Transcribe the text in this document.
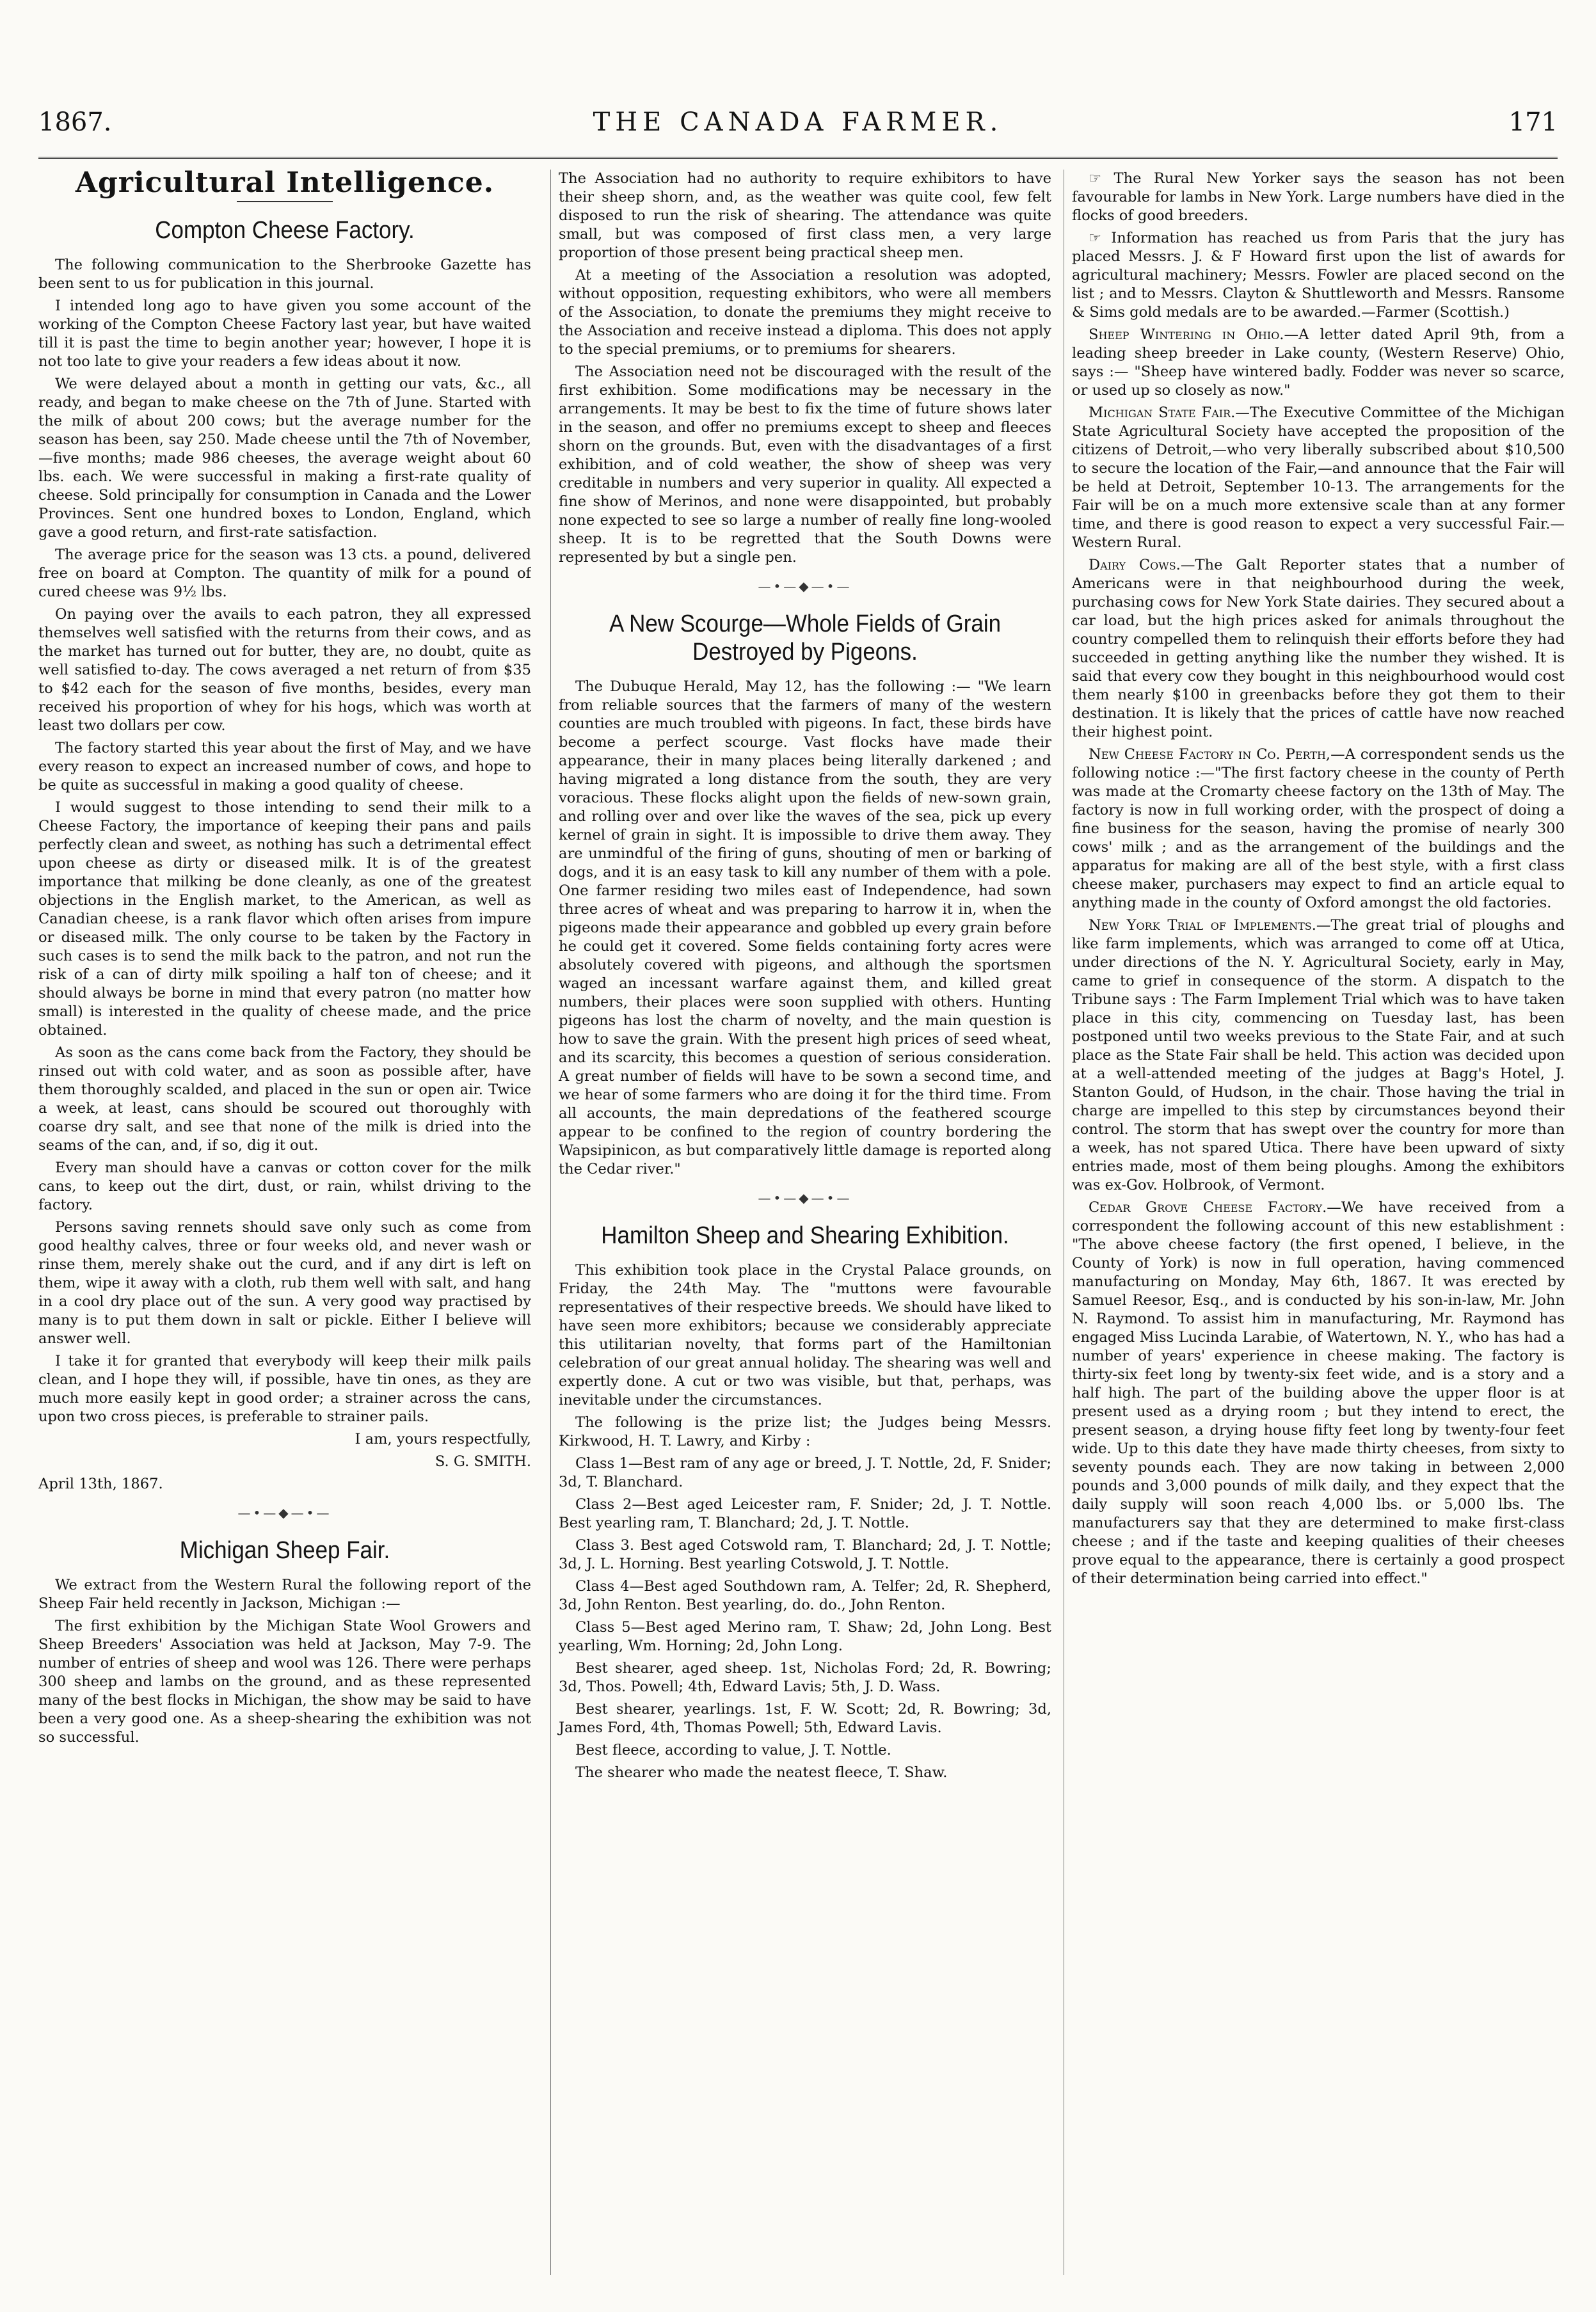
1867.	THE CANADA FARMER.	171
Agricultural Intelligence.
Compton Cheese Factory.

The following communication to the Sherbrooke Gazette has been sent to us for publication in this journal.

I intended long ago to have given you some account of the working of the Compton Cheese Factory last year, but have waited till it is past the time to begin another year; however, I hope it is not too late to give your readers a few ideas about it now.

We were delayed about a month in getting our vats, &c., all ready, and began to make cheese on the 7th of June. Started with the milk of about 200 cows; but the average number for the season has been, say 250. Made cheese until the 7th of November,—five months; made 986 cheeses, the average weight about 60 lbs. each. We were successful in making a first-rate quality of cheese. Sold principally for consumption in Canada and the Lower Provinces. Sent one hundred boxes to London, England, which gave a good return, and first-rate satisfaction.

The average price for the season was 13 cts. a pound, delivered free on board at Compton. The quantity of milk for a pound of cured cheese was 9½ lbs.

On paying over the avails to each patron, they all expressed themselves well satisfied with the returns from their cows, and as the market has turned out for butter, they are, no doubt, quite as well satisfied to-day. The cows averaged a net return of from $35 to $42 each for the season of five months, besides, every man received his proportion of whey for his hogs, which was worth at least two dollars per cow.

The factory started this year about the first of May, and we have every reason to expect an increased number of cows, and hope to be quite as successful in making a good quality of cheese.

I would suggest to those intending to send their milk to a Cheese Factory, the importance of keeping their pans and pails perfectly clean and sweet, as nothing has such a detrimental effect upon cheese as dirty or diseased milk. It is of the greatest importance that milking be done cleanly, as one of the greatest objections in the English market, to the American, as well as Canadian cheese, is a rank flavor which often arises from impure or diseased milk. The only course to be taken by the Factory in such cases is to send the milk back to the patron, and not run the risk of a can of dirty milk spoiling a half ton of cheese; and it should always be borne in mind that every patron (no matter how small) is interested in the quality of cheese made, and the price obtained.

As soon as the cans come back from the Factory, they should be rinsed out with cold water, and as soon as possible after, have them thoroughly scalded, and placed in the sun or open air. Twice a week, at least, cans should be scoured out thoroughly with coarse dry salt, and see that none of the milk is dried into the seams of the can, and, if so, dig it out.

Every man should have a canvas or cotton cover for the milk cans, to keep out the dirt, dust, or rain, whilst driving to the factory.

Persons saving rennets should save only such as come from good healthy calves, three or four weeks old, and never wash or rinse them, merely shake out the curd, and if any dirt is left on them, wipe it away with a cloth, rub them well with salt, and hang in a cool dry place out of the sun. A very good way practised by many is to put them down in salt or pickle. Either I believe will answer well.

I take it for granted that everybody will keep their milk pails clean, and I hope they will, if possible, have tin ones, as they are much more easily kept in good order; a strainer across the cans, upon two cross pieces, is preferable to strainer pails.

I am, yours respectfully,

S. G. SMITH.

April 13th, 1867.

—•—◆—•—
Michigan Sheep Fair.

We extract from the Western Rural the following report of the Sheep Fair held recently in Jackson, Michigan :—

The first exhibition by the Michigan State Wool Growers and Sheep Breeders' Association was held at Jackson, May 7-9. The number of entries of sheep and wool was 126. There were perhaps 300 sheep and lambs on the ground, and as these represented many of the best flocks in Michigan, the show may be said to have been a very good one. As a sheep-shearing the exhibition was not so successful.

The Association had no authority to require exhibitors to have their sheep shorn, and, as the weather was quite cool, few felt disposed to run the risk of shearing. The attendance was quite small, but was composed of first class men, a very large proportion of those present being practical sheep men.

At a meeting of the Association a resolution was adopted, without opposition, requesting exhibitors, who were all members of the Association, to donate the premiums they might receive to the Association and receive instead a diploma. This does not apply to the special premiums, or to premiums for shearers.

The Association need not be discouraged with the result of the first exhibition. Some modifications may be necessary in the arrangements. It may be best to fix the time of future shows later in the season, and offer no premiums except to sheep and fleeces shorn on the grounds. But, even with the disadvantages of a first exhibition, and of cold weather, the show of sheep was very creditable in numbers and very superior in quality. All expected a fine show of Merinos, and none were disappointed, but probably none expected to see so large a number of really fine long-wooled sheep. It is to be regretted that the South Downs were represented by but a single pen.

—•—◆—•—
A New Scourge—Whole Fields of Grain Destroyed by Pigeons.

The Dubuque Herald, May 12, has the following :— "We learn from reliable sources that the farmers of many of the western counties are much troubled with pigeons. In fact, these birds have become a perfect scourge. Vast flocks have made their appearance, their in many places being literally darkened ; and having migrated a long distance from the south, they are very voracious. These flocks alight upon the fields of new-sown grain, and rolling over and over like the waves of the sea, pick up every kernel of grain in sight. It is impossible to drive them away. They are unmindful of the firing of guns, shouting of men or barking of dogs, and it is an easy task to kill any number of them with a pole. One farmer residing two miles east of Independence, had sown three acres of wheat and was preparing to harrow it in, when the pigeons made their appearance and gobbled up every grain before he could get it covered. Some fields containing forty acres were absolutely covered with pigeons, and although the sportsmen waged an incessant warfare against them, and killed great numbers, their places were soon supplied with others. Hunting pigeons has lost the charm of novelty, and the main question is how to save the grain. With the present high prices of seed wheat, and its scarcity, this becomes a question of serious consideration. A great number of fields will have to be sown a second time, and we hear of some farmers who are doing it for the third time. From all accounts, the main depredations of the feathered scourge appear to be confined to the region of country bordering the Wapsipinicon, as but comparatively little damage is reported along the Cedar river."

—•—◆—•—
Hamilton Sheep and Shearing Exhibition.

This exhibition took place in the Crystal Palace grounds, on Friday, the 24th May. The "muttons were favourable representatives of their respective breeds. We should have liked to have seen more exhibitors; because we considerably appreciate this utilitarian novelty, that forms part of the Hamiltonian celebration of our great annual holiday. The shearing was well and expertly done. A cut or two was visible, but that, perhaps, was inevitable under the circumstances.

The following is the prize list; the Judges being Messrs. Kirkwood, H. T. Lawry, and Kirby :

Class 1—Best ram of any age or breed, J. T. Nottle, 2d, F. Snider; 3d, T. Blanchard.

Class 2—Best aged Leicester ram, F. Snider; 2d, J. T. Nottle. Best yearling ram, T. Blanchard; 2d, J. T. Nottle.

Class 3. Best aged Cotswold ram, T. Blanchard; 2d, J. T. Nottle; 3d, J. L. Horning. Best yearling Cotswold, J. T. Nottle.

Class 4—Best aged Southdown ram, A. Telfer; 2d, R. Shepherd, 3d, John Renton. Best yearling, do. do., John Renton.

Class 5—Best aged Merino ram, T. Shaw; 2d, John Long. Best yearling, Wm. Horning; 2d, John Long.

Best shearer, aged sheep. 1st, Nicholas Ford; 2d, R. Bowring; 3d, Thos. Powell; 4th, Edward Lavis; 5th, J. D. Wass.

Best shearer, yearlings. 1st, F. W. Scott; 2d, R. Bowring; 3d, James Ford, 4th, Thomas Powell; 5th, Edward Lavis.

Best fleece, according to value, J. T. Nottle.

The shearer who made the neatest fleece, T. Shaw.

☞ The Rural New Yorker says the season has not been favourable for lambs in New York. Large numbers have died in the flocks of good breeders.

☞ Information has reached us from Paris that the jury has placed Messrs. J. & F Howard first upon the list of awards for agricultural machinery; Messrs. Fowler are placed second on the list ; and to Messrs. Clayton & Shuttleworth and Messrs. Ransome & Sims gold medals are to be awarded.—Farmer (Scottish.)

Sheep Wintering in Ohio.—A letter dated April 9th, from a leading sheep breeder in Lake county, (Western Reserve) Ohio, says :— "Sheep have wintered badly. Fodder was never so scarce, or used up so closely as now."

Michigan State Fair.—The Executive Committee of the Michigan State Agricultural Society have accepted the proposition of the citizens of Detroit,—who very liberally subscribed about $10,500 to secure the location of the Fair,—and announce that the Fair will be held at Detroit, September 10-13. The arrangements for the Fair will be on a much more extensive scale than at any former time, and there is good reason to expect a very successful Fair.—Western Rural.

Dairy Cows.—The Galt Reporter states that a number of Americans were in that neighbourhood during the week, purchasing cows for New York State dairies. They secured about a car load, but the high prices asked for animals throughout the country compelled them to relinquish their efforts before they had succeeded in getting anything like the number they wished. It is said that every cow they bought in this neighbourhood would cost them nearly $100 in greenbacks before they got them to their destination. It is likely that the prices of cattle have now reached their highest point.

New Cheese Factory in Co. Perth,—A correspondent sends us the following notice :—"The first factory cheese in the county of Perth was made at the Cromarty cheese factory on the 13th of May. The factory is now in full working order, with the prospect of doing a fine business for the season, having the promise of nearly 300 cows' milk ; and as the arrangement of the buildings and the apparatus for making are all of the best style, with a first class cheese maker, purchasers may expect to find an article equal to anything made in the county of Oxford amongst the old factories.

New York Trial of Implements.—The great trial of ploughs and like farm implements, which was arranged to come off at Utica, under directions of the N. Y. Agricultural Society, early in May, came to grief in consequence of the storm. A dispatch to the Tribune says : The Farm Implement Trial which was to have taken place in this city, commencing on Tuesday last, has been postponed until two weeks previous to the State Fair, and at such place as the State Fair shall be held. This action was decided upon at a well-attended meeting of the judges at Bagg's Hotel, J. Stanton Gould, of Hudson, in the chair. Those having the trial in charge are impelled to this step by circumstances beyond their control. The storm that has swept over the country for more than a week, has not spared Utica. There have been upward of sixty entries made, most of them being ploughs. Among the exhibitors was ex-Gov. Holbrook, of Vermont.

Cedar Grove Cheese Factory.—We have received from a correspondent the following account of this new establishment : "The above cheese factory (the first opened, I believe, in the County of York) is now in full operation, having commenced manufacturing on Monday, May 6th, 1867. It was erected by Samuel Reesor, Esq., and is conducted by his son-in-law, Mr. John N. Raymond. To assist him in manufacturing, Mr. Raymond has engaged Miss Lucinda Larabie, of Watertown, N. Y., who has had a number of years' experience in cheese making. The factory is thirty-six feet long by twenty-six feet wide, and is a story and a half high. The part of the building above the upper floor is at present used as a drying room ; but they intend to erect, the present season, a drying house fifty feet long by twenty-four feet wide. Up to this date they have made thirty cheeses, from sixty to seventy pounds each. They are now taking in between 2,000 pounds and 3,000 pounds of milk daily, and they expect that the daily supply will soon reach 4,000 lbs. or 5,000 lbs. The manufacturers say that they are determined to make first-class cheese ; and if the taste and keeping qualities of their cheeses prove equal to the appearance, there is certainly a good prospect of their determination being carried into effect."
